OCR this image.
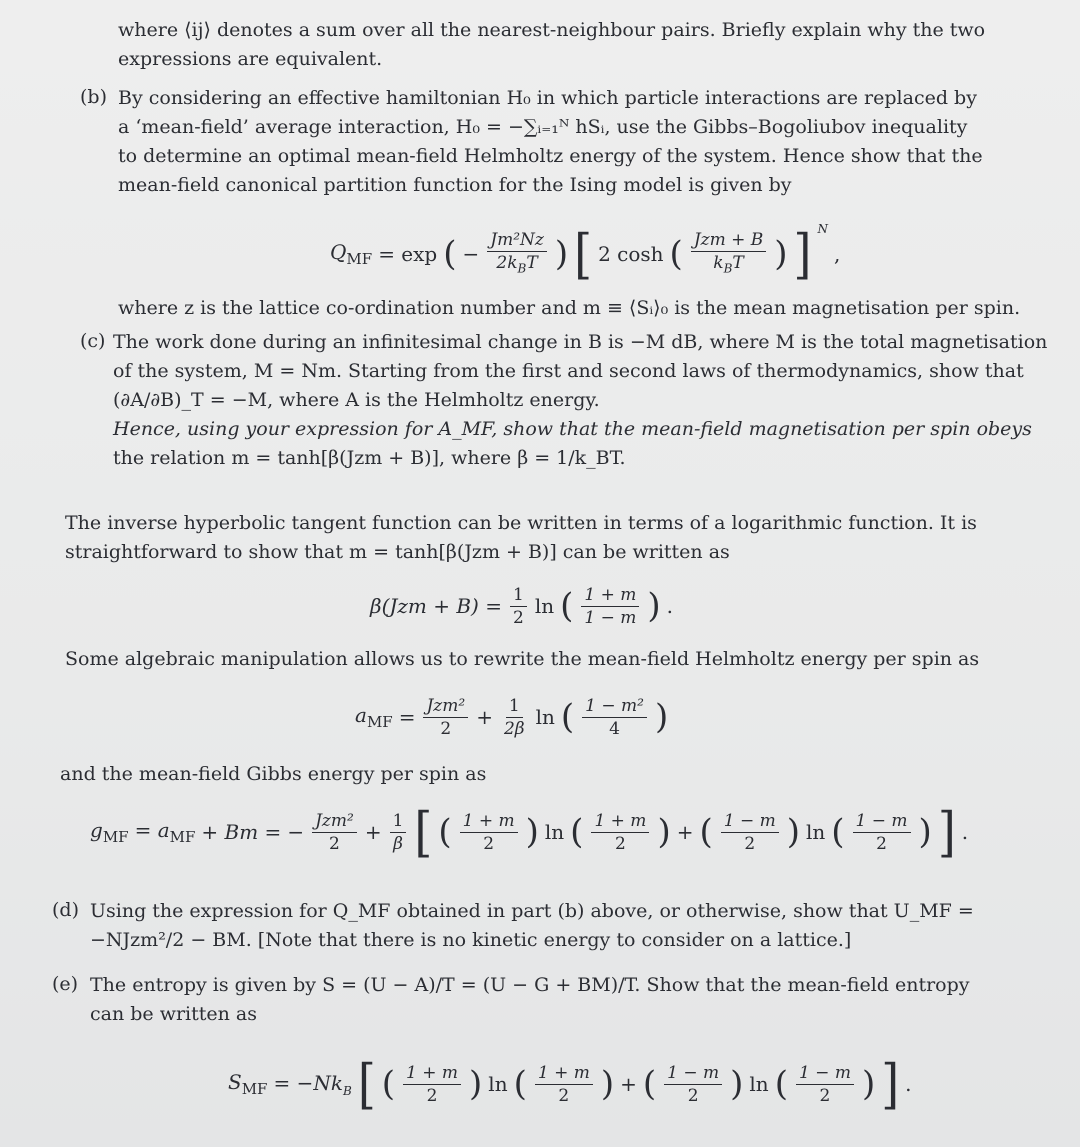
where ⟨ij⟩ denotes a sum over all the nearest-neighbour pairs. Briefly explain why the two
expressions are equivalent.
(b) By considering an effective hamiltonian H₀ in which particle interactions are replaced by
a ‘mean-field’ average interaction, H₀ = −∑ᵢ₌₁ᴺ hSᵢ, use the Gibbs–Bogoliubov inequality
to determine an optimal mean-field Helmholtz energy of the system. Hence show that the
mean-field canonical partition function for the Ising model is given by
$Q_{MF} = \exp$ ( − $\frac{\text{Jm²Nz}}{2k_BT}$ ) [ 2 cosh ( $\frac{\text{Jzm + B}}{k_BT}$ ) ] $^N$
,
where z is the lattice co-ordination number and m ≡ ⟨Sᵢ⟩₀ is the mean magnetisation per spin.
(c) The work done during an infinitesimal change in B is −M dB, where M is the total magnetisation
of the system, M = Nm. Starting from the first and second laws of thermodynamics, show that
(∂A/∂B)_T = −M, where A is the Helmholtz energy.
Hence, using your expression for A_MF, show that the mean-field magnetisation per spin obeys
the relation m = tanh[β(Jzm + B)], where β = 1/k_BT.
The inverse hyperbolic tangent function can be written in terms of a logarithmic function. It is
straightforward to show that m = tanh[β(Jzm + B)] can be written as
$\beta(Jzm + B) = \frac{1}{2}$ ln ( $\frac{1 + m}{1 - m}$ ) .
Some algebraic manipulation allows us to rewrite the mean-field Helmholtz energy per spin as
$a_{MF} = \frac{\text{Jzm²}}{2} + \frac{1}{2\beta}$ ln ( $\frac{\text{1 − m²}}{4}$ )
and the mean-field Gibbs energy per spin as
$g_{MF} = a_{MF} + Bm$ = − $\frac{\text{Jzm²}}{2} + \frac{1}{\beta}$ [ ( $\frac{1 + m}{2}$ ) ln ( $\frac{1 + m}{2}$ ) + ( $\frac{1 - m}{2}$ ) ln ( $\frac{1 - m}{2}$ ) ] .
(d) Using the expression for Q_MF obtained in part (b) above, or otherwise, show that U_MF =
−NJzm²/2 − BM. [Note that there is no kinetic energy to consider on a lattice.]
(e) The entropy is given by S = (U − A)/T = (U − G + BM)/T. Show that the mean-field entropy
can be written as
$S_{MF} = -Nk_B$ [ ( $\frac{1 + m}{2}$ ) ln ( $\frac{1 + m}{2}$ ) + ( $\frac{1 - m}{2}$ ) ln ( $\frac{1 - m}{2}$ ) ] .
